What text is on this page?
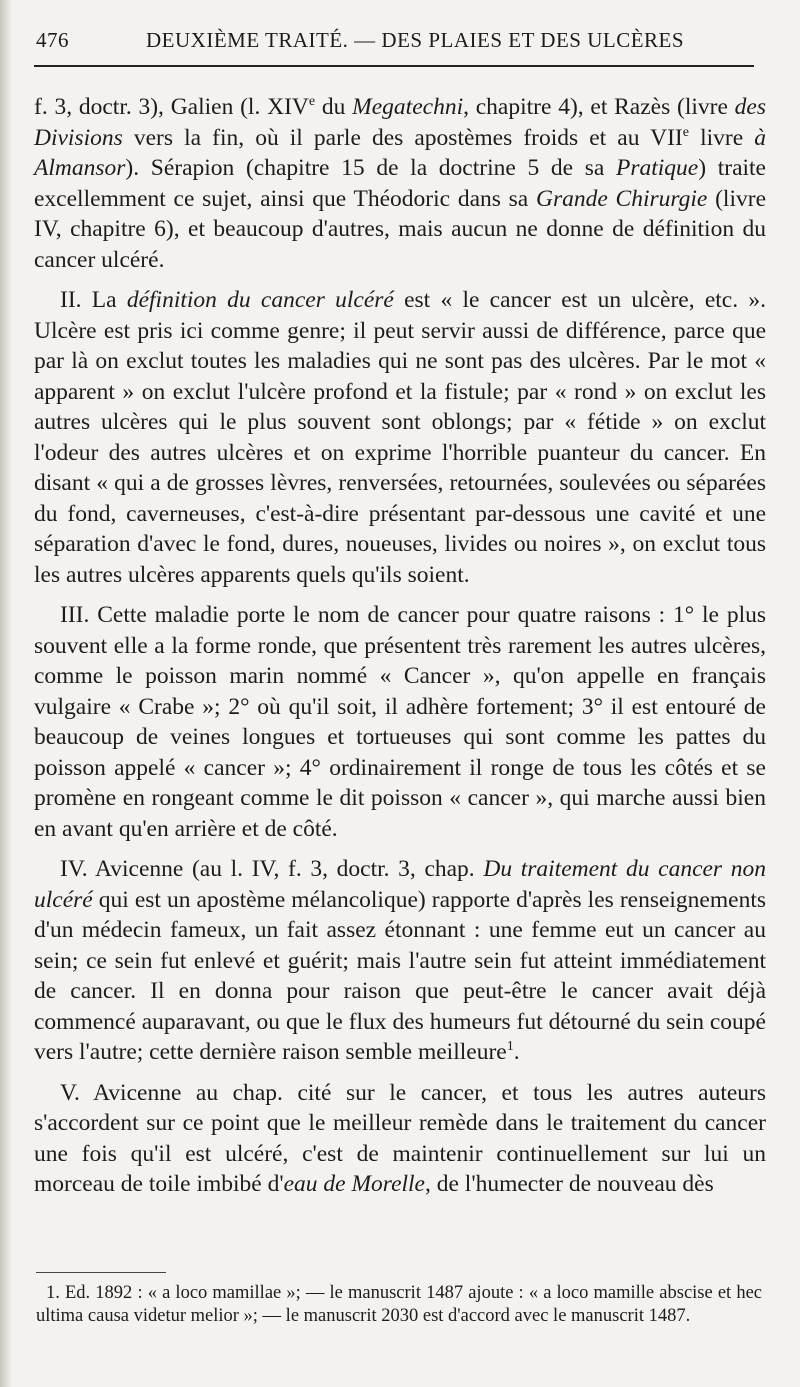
476	DEUXIÈME TRAITÉ. — DES PLAIES ET DES ULCÈRES

f. 3, doctr. 3), Galien (l. XIVe du Megatechni, chapitre 4), et Razès (livre des Divisions vers la fin, où il parle des apostèmes froids et au VIIe livre à Almansor). Sérapion (chapitre 15 de la doctrine 5 de sa Pratique) traite excellemment ce sujet, ainsi que Théodoric dans sa Grande Chirurgie (livre IV, chapitre 6), et beaucoup d'autres, mais aucun ne donne de définition du cancer ulcéré.

II. La définition du cancer ulcéré est « le cancer est un ulcère, etc. ». Ulcère est pris ici comme genre; il peut servir aussi de différence, parce que par là on exclut toutes les maladies qui ne sont pas des ulcères. Par le mot « apparent » on exclut l'ulcère profond et la fistule; par « rond » on exclut les autres ulcères qui le plus souvent sont oblongs; par « fétide » on exclut l'odeur des autres ulcères et on exprime l'horrible puanteur du cancer. En disant « qui a de grosses lèvres, renversées, retournées, soulevées ou séparées du fond, caverneuses, c'est-à-dire présentant par-dessous une cavité et une séparation d'avec le fond, dures, noueuses, livides ou noires », on exclut tous les autres ulcères apparents quels qu'ils soient.

III. Cette maladie porte le nom de cancer pour quatre raisons : 1° le plus souvent elle a la forme ronde, que présentent très rarement les autres ulcères, comme le poisson marin nommé « Cancer », qu'on appelle en français vulgaire « Crabe »; 2° où qu'il soit, il adhère fortement; 3° il est entouré de beaucoup de veines longues et tortueuses qui sont comme les pattes du poisson appelé « cancer »; 4° ordinairement il ronge de tous les côtés et se promène en rongeant comme le dit poisson « cancer », qui marche aussi bien en avant qu'en arrière et de côté.

IV. Avicenne (au l. IV, f. 3, doctr. 3, chap. Du traitement du cancer non ulcéré qui est un apostème mélancolique) rapporte d'après les renseignements d'un médecin fameux, un fait assez étonnant : une femme eut un cancer au sein; ce sein fut enlevé et guérit; mais l'autre sein fut atteint immédiatement de cancer. Il en donna pour raison que peut-être le cancer avait déjà commencé auparavant, ou que le flux des humeurs fut détourné du sein coupé vers l'autre; cette dernière raison semble meilleure$^1$.

V. Avicenne au chap. cité sur le cancer, et tous les autres auteurs s'accordent sur ce point que le meilleur remède dans le traitement du cancer une fois qu'il est ulcéré, c'est de maintenir continuellement sur lui un morceau de toile imbibé d'eau de Morelle, de l'humecter de nouveau dès

1. Ed. 1892 : « a loco mamillae »; — le manuscrit 1487 ajoute : « a loco mamille abscise et hec ultima causa videtur melior »; — le manuscrit 2030 est d'accord avec le manuscrit 1487.
